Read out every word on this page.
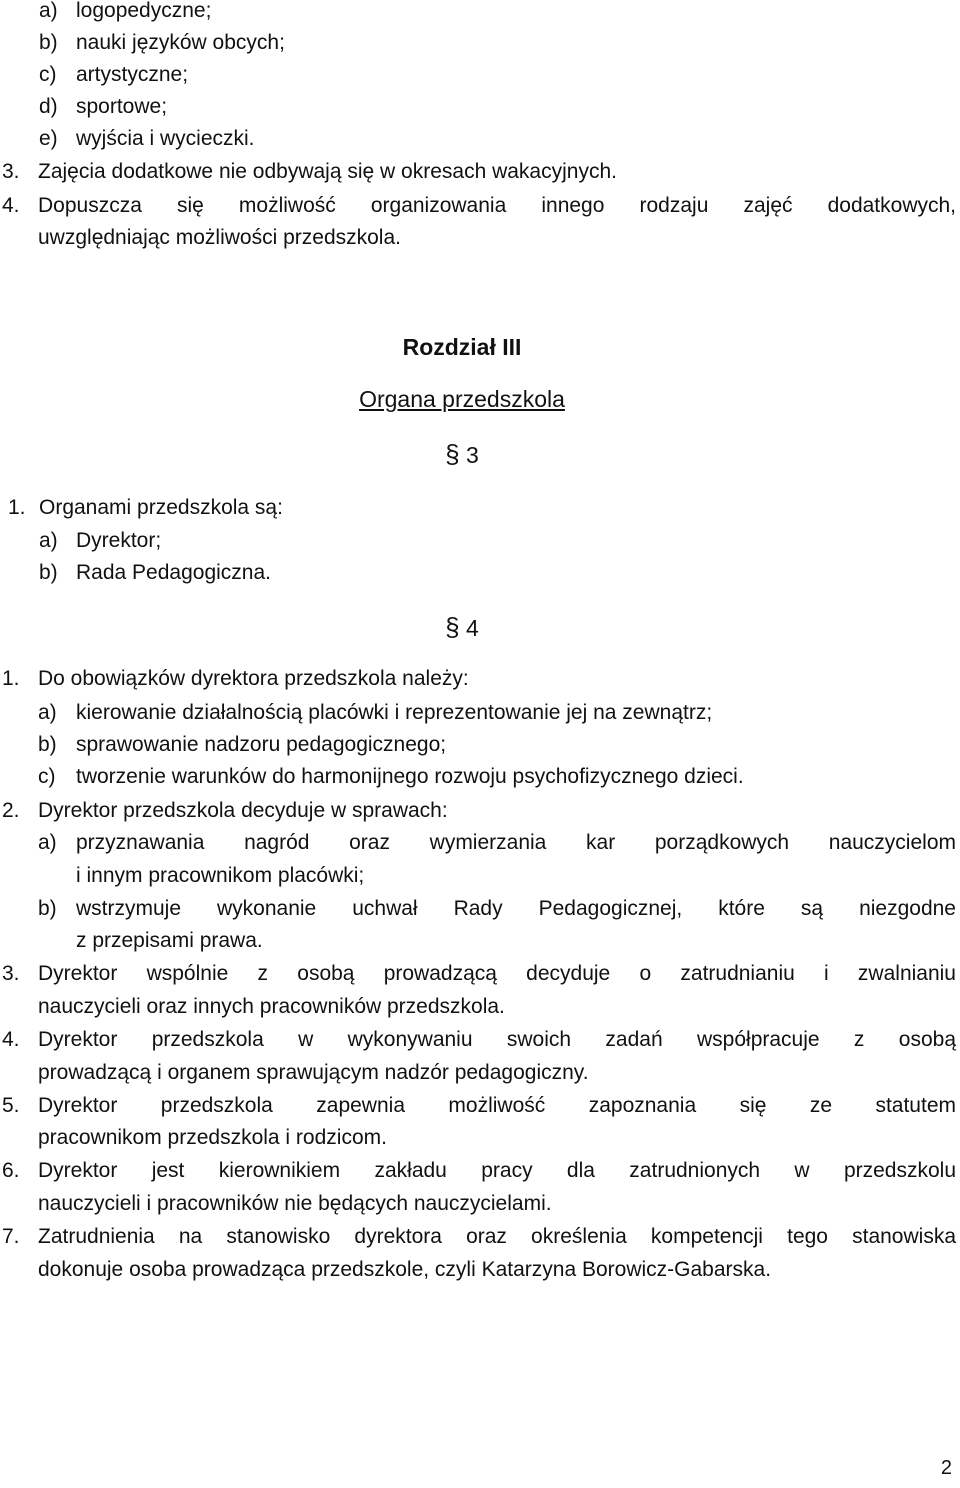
a) logopedyczne;
b) nauki języków obcych;
c) artystyczne;
d) sportowe;
e) wyjścia i wycieczki.
3. Zajęcia dodatkowe nie odbywają się w okresach wakacyjnych.
4. Dopuszcza się możliwość organizowania innego rodzaju zajęć dodatkowych,
uwzględniając możliwości przedszkola.
Rozdział III
Organa przedszkola
§ 3
1. Organami przedszkola są:
a) Dyrektor;
b) Rada Pedagogiczna.
§ 4
1. Do obowiązków dyrektora przedszkola należy:
a) kierowanie działalnością placówki i reprezentowanie jej na zewnątrz;
b) sprawowanie nadzoru pedagogicznego;
c) tworzenie warunków do harmonijnego rozwoju psychofizycznego dzieci.
2. Dyrektor przedszkola decyduje w sprawach:
a) przyznawania nagród oraz wymierzania kar porządkowych nauczycielom
i innym pracownikom placówki;
b) wstrzymuje wykonanie uchwał Rady Pedagogicznej, które są niezgodne
z przepisami prawa.
3. Dyrektor wspólnie z osobą prowadzącą decyduje o zatrudnianiu i zwalnianiu
nauczycieli oraz innych pracowników przedszkola.
4. Dyrektor przedszkola w wykonywaniu swoich zadań współpracuje z osobą
prowadzącą i organem sprawującym nadzór pedagogiczny.
5. Dyrektor przedszkola zapewnia możliwość zapoznania się ze statutem
pracownikom przedszkola i rodzicom.
6. Dyrektor jest kierownikiem zakładu pracy dla zatrudnionych w przedszkolu
nauczycieli i pracowników nie będących nauczycielami.
7. Zatrudnienia na stanowisko dyrektora oraz określenia kompetencji tego stanowiska
dokonuje osoba prowadząca przedszkole, czyli Katarzyna Borowicz-Gabarska.
2
